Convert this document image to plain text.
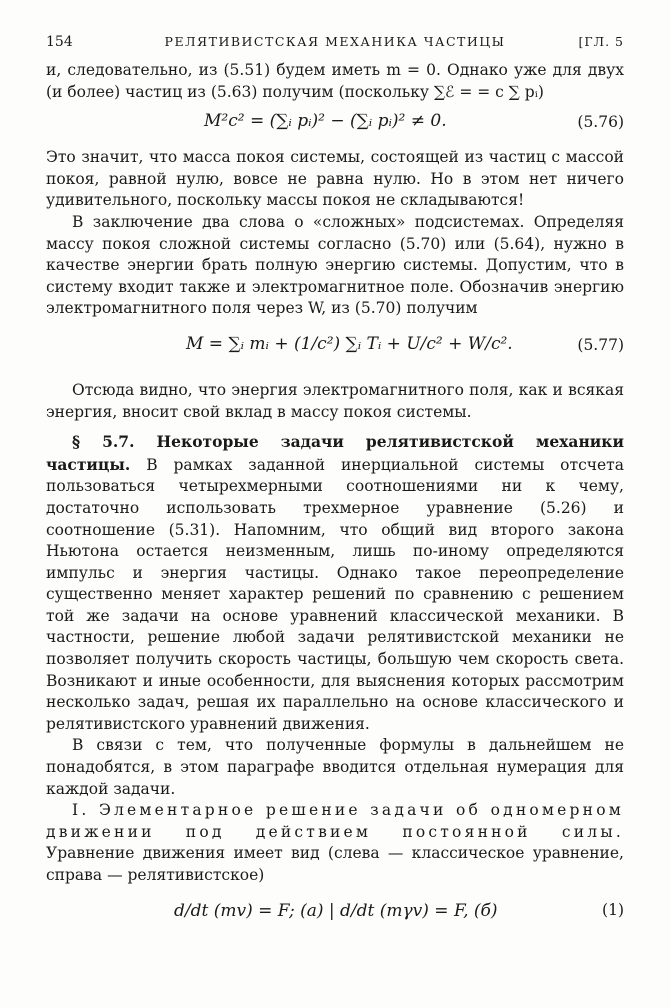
154	РЕЛЯТИВИСТСКАЯ МЕХАНИКА ЧАСТИЦЫ	[ГЛ. 5

и, следовательно, из (5.51) будем иметь m = 0. Однако уже для двух (и более) частиц из (5.63) получим (поскольку ∑ℰ = = c ∑ pᵢ)

M²c² = (∑ᵢ pᵢ)² − (∑ᵢ pᵢ)² ≠ 0.	(5.76)

Это значит, что масса покоя системы, состоящей из частиц с массой покоя, равной нулю, вовсе не равна нулю. Но в этом нет ничего удивительного, поскольку массы покоя не складываются!

В заключение два слова о «сложных» подсистемах. Определяя массу покоя сложной системы согласно (5.70) или (5.64), нужно в качестве энергии брать полную энергию системы. Допустим, что в систему входит также и электромагнитное поле. Обозначив энергию электромагнитного поля через W, из (5.70) получим

M = ∑ᵢ mᵢ + (1/c²) ∑ᵢ Tᵢ + U/c² + W/c².	(5.77)

Отсюда видно, что энергия электромагнитного поля, как и всякая энергия, вносит свой вклад в массу покоя системы.

§ 5.7. Некоторые задачи релятивистской механики частицы. В рамках заданной инерциальной системы отсчета пользоваться четырехмерными соотношениями ни к чему, достаточно использовать трехмерное уравнение (5.26) и соотношение (5.31). Напомним, что общий вид второго закона Ньютона остается неизменным, лишь по-иному определяются импульс и энергия частицы. Однако такое переопределение существенно меняет характер решений по сравнению с решением той же задачи на основе уравнений классической механики. В частности, решение любой задачи релятивистской механики не позволяет получить скорость частицы, большую чем скорость света. Возникают и иные особенности, для выяснения которых рассмотрим несколько задач, решая их параллельно на основе классического и релятивистского уравнений движения.

В связи с тем, что полученные формулы в дальнейшем не понадобятся, в этом параграфе вводится отдельная нумерация для каждой задачи.

I. Элементарное решение задачи об одномерном движении под действием постоянной силы. Уравнение движения имеет вид (слева — классическое уравнение, справа — релятивистское)

d/dt (mv) = F; (а) | d/dt (mγv) = F, (б)	(1)
